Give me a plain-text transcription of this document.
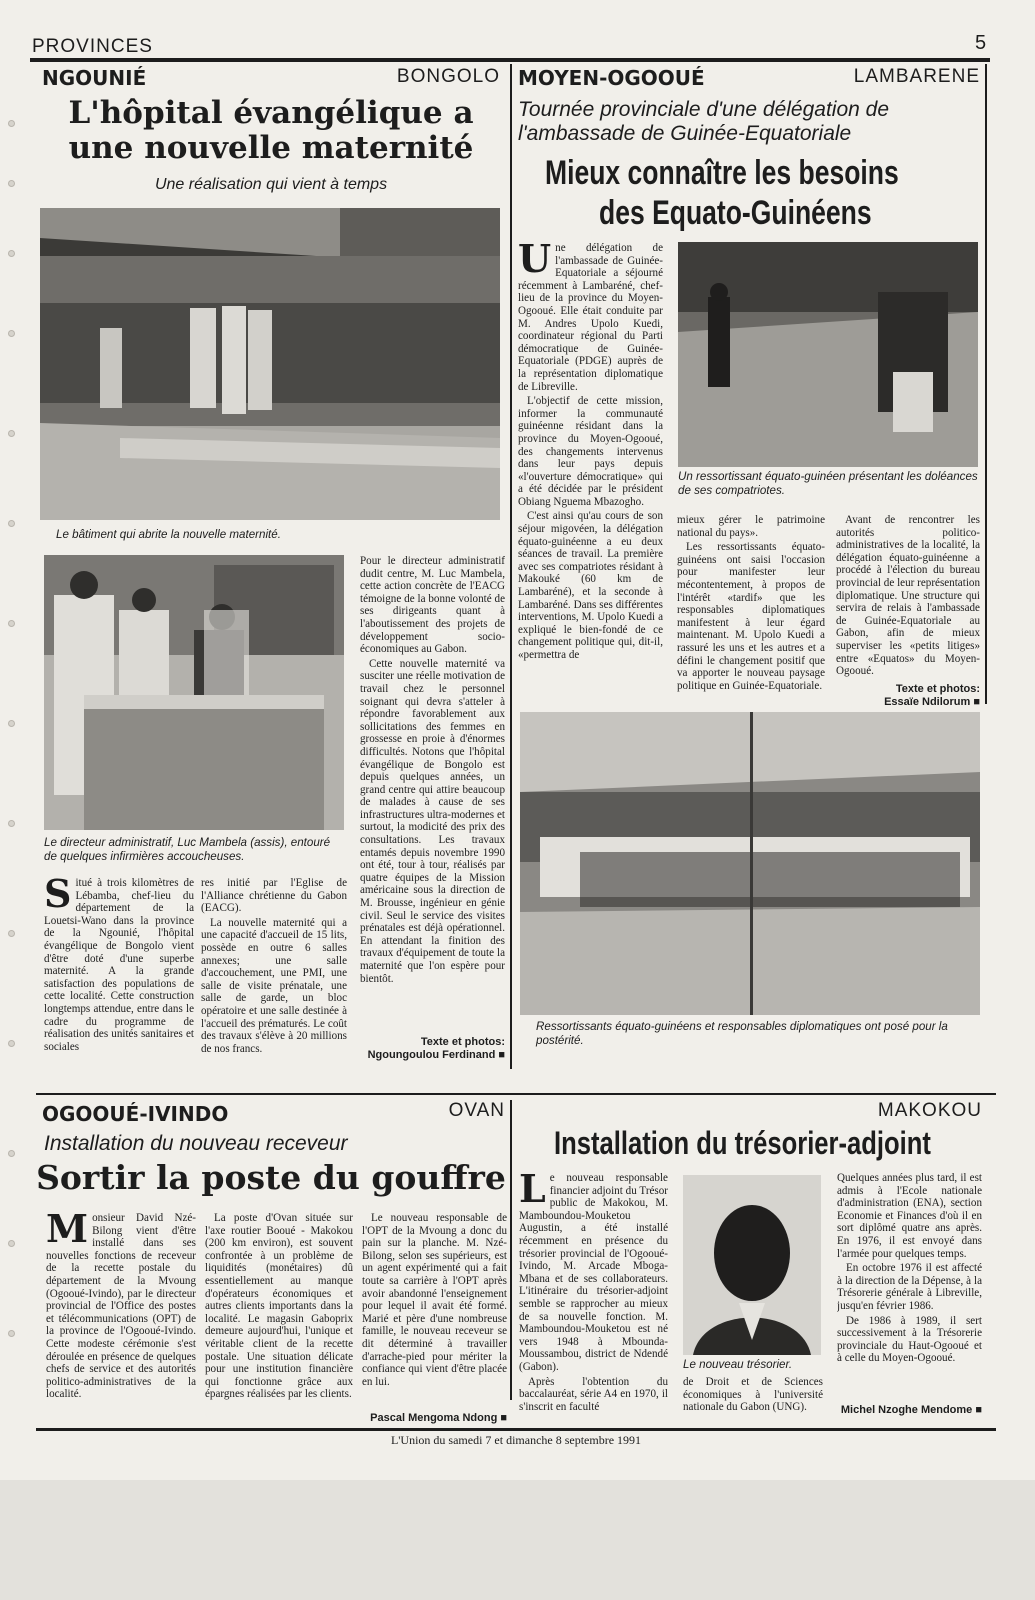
PROVINCES	5
NGOUNIÉ	BONGOLO
L'hôpital évangélique a
une nouvelle maternité
Une réalisation qui vient à temps
Le bâtiment qui abrite la nouvelle maternité.
Le directeur administratif, Luc Mambela (assis), entouré de quelques infirmières accoucheuses.

Situé à trois kilomètres de Lébamba, chef-lieu du département de la Louetsi-Wano dans la province de la Ngounié, l'hôpital évangélique de Bongolo vient d'être doté d'une superbe maternité. A la grande satisfaction des populations de cette localité. Cette construction longtemps attendue, entre dans le cadre du programme de réalisation des unités sanitaires et sociales

res initié par l'Eglise de l'Alliance chrétienne du Gabon (EACG).

La nouvelle maternité qui a une capacité d'accueil de 15 lits, possède en outre 6 salles annexes; une salle d'accouchement, une PMI, une salle de visite prénatale, une salle de garde, un bloc opératoire et une salle destinée à l'accueil des prématurés. Le coût des travaux s'élève à 20 millions de nos francs.

Pour le directeur administratif dudit centre, M. Luc Mambela, cette action concrète de l'EACG témoigne de la bonne volonté de ses dirigeants quant à l'aboutissement des projets de développement socio-économiques au Gabon.

Cette nouvelle maternité va susciter une réelle motivation de travail chez le personnel soignant qui devra s'atteler à répondre favorablement aux sollicitations des femmes en grossesse en proie à d'énormes difficultés. Notons que l'hôpital évangélique de Bongolo est depuis quelques années, un grand centre qui attire beaucoup de malades à cause de ses infrastructures ultra-modernes et surtout, la modicité des prix des consultations. Les travaux entamés depuis novembre 1990 ont été, tour à tour, réalisés par quatre équipes de la Mission américaine sous la direction de M. Brousse, ingénieur en génie civil. Seul le service des visites prénatales est déjà opérationnel. En attendant la finition des travaux d'équipement de toute la maternité que l'on espère pour bientôt.

Texte et photos:
Ngoungoulou Ferdinand ■
MOYEN-OGOOUÉ	LAMBARENE
Tournée provinciale d'une délégation de l'ambassade de Guinée-Equatoriale
Mieux connaître les besoins
des Equato-Guinéens
Un ressortissant équato-guinéen présentant les doléances de ses compatriotes.

Une délégation de l'ambassade de Guinée-Equatoriale a séjourné récemment à Lambaréné, chef-lieu de la province du Moyen-Ogooué. Elle était conduite par M. Andres Upolo Kuedi, coordinateur régional du Parti démocratique de Guinée-Equatoriale (PDGE) auprès de la représentation diplomatique de Libreville.

L'objectif de cette mission, informer la communauté guinéenne résidant dans la province du Moyen-Ogooué, des changements intervenus dans leur pays depuis «l'ouverture démocratique» qui a été décidée par le président Obiang Nguema Mbazogho.

C'est ainsi qu'au cours de son séjour migovéen, la délégation équato-guinéenne a eu deux séances de travail. La première avec ses compatriotes résidant à Makouké (60 km de Lambaréné), et la seconde à Lambaréné. Dans ses différentes interventions, M. Upolo Kuedi a expliqué le bien-fondé de ce changement politique qui, dit-il, «permettra de

mieux gérer le patrimoine national du pays».

Les ressortissants équato-guinéens ont saisi l'occasion pour manifester leur mécontentement, à propos de l'intérêt «tardif» que les responsables diplomatiques manifestent à leur égard maintenant. M. Upolo Kuedi a rassuré les uns et les autres et a défini le changement positif que va apporter le nouveau paysage politique en Guinée-Equatoriale.

Avant de rencontrer les autorités politico-administratives de la localité, la délégation équato-guinéenne a procédé à l'élection du bureau provincial de leur représentation diplomatique. Une structure qui servira de relais à l'ambassade de Guinée-Equatoriale au Gabon, afin de mieux superviser les «petits litiges» entre «Equatos» du Moyen-Ogooué.

Texte et photos:
Essaïe Ndilorum ■
Ressortissants équato-guinéens et responsables diplomatiques ont posé pour la postérité.
OGOOUÉ-IVINDO	OVAN
Installation du nouveau receveur
Sortir la poste du gouffre

Monsieur David Nzé-Bilong vient d'être installé dans ses nouvelles fonctions de receveur de la recette postale du département de la Mvoung (Ogooué-Ivindo), par le directeur provincial de l'Office des postes et télécommunications (OPT) de la province de l'Ogooué-Ivindo. Cette modeste cérémonie s'est déroulée en présence de quelques chefs de service et des autorités politico-administratives de la localité.

La poste d'Ovan située sur l'axe routier Booué - Makokou (200 km environ), est souvent confrontée à un problème de liquidités (monétaires) dû essentiellement au manque d'opérateurs économiques et autres clients importants dans la localité. Le magasin Gaboprix demeure aujourd'hui, l'unique et véritable client de la recette postale. Une situation délicate pour une institution financière qui fonctionne grâce aux épargnes réalisées par les clients.

Le nouveau responsable de l'OPT de la Mvoung a donc du pain sur la planche. M. Nzé-Bilong, selon ses supérieurs, est un agent expérimenté qui a fait toute sa carrière à l'OPT après avoir abandonné l'enseignement pour lequel il avait été formé. Marié et père d'une nombreuse famille, le nouveau receveur se dit déterminé à travailler d'arrache-pied pour mériter la confiance qui vient d'être placée en lui.

Pascal Mengoma Ndong ■
MAKOKOU
Installation du trésorier-adjoint
Le nouveau trésorier.

Le nouveau responsable financier adjoint du Trésor public de Makokou, M. Mamboundou-Mouketou Augustin, a été installé récemment en présence du trésorier provincial de l'Ogooué-Ivindo, M. Arcade Mboga-Mbana et de ses collaborateurs. L'itinéraire du trésorier-adjoint semble se rapprocher au mieux de sa nouvelle fonction. M. Mamboundou-Mouketou est né vers 1948 à Mbounda-Moussambou, district de Ndendé (Gabon).

Après l'obtention du baccalauréat, série A4 en 1970, il s'inscrit en faculté

de Droit et de Sciences économiques à l'université nationale du Gabon (UNG).

Quelques années plus tard, il est admis à l'Ecole nationale d'administration (ENA), section Economie et Finances d'où il en sort diplômé quatre ans après. En 1976, il est envoyé dans l'armée pour quelques temps.

En octobre 1976 il est affecté à la direction de la Dépense, à la Trésorerie générale à Libreville, jusqu'en février 1986.

De 1986 à 1989, il sert successivement à la Trésorerie provinciale du Haut-Ogooué et à celle du Moyen-Ogooué.

Michel Nzoghe Mendome ■
L'Union du samedi 7 et dimanche 8 septembre 1991
